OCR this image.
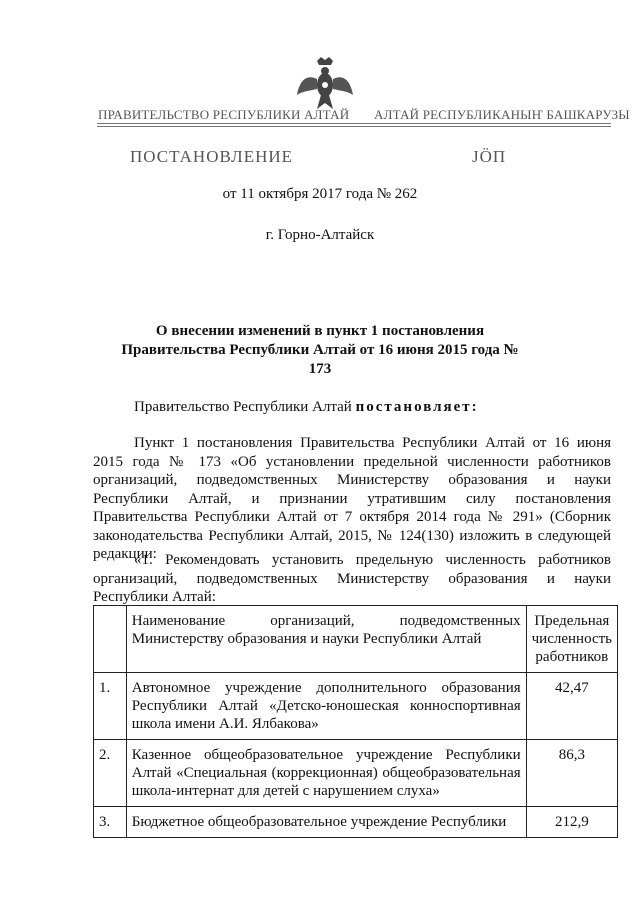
ПРАВИТЕЛЬСТВО РЕСПУБЛИКИ АЛТАЙ АЛТАЙ РЕСПУБЛИКАНЫҤ БАШКАРУЗЫ
ПОСТАНОВЛЕНИЕ	JÖП
от 11 октября 2017 года № 262
г. Горно-Алтайск
О внесении изменений в пункт 1 постановления Правительства Республики Алтай от 16 июня 2015 года № 173
Правительство Республики Алтай постановляет:
Пункт 1 постановления Правительства Республики Алтай от 16 июня 2015 года № 173 «Об установлении предельной численности работников организаций, подведомственных Министерству образования и науки Республики Алтай, и признании утратившим силу постановления Правительства Республики Алтай от 7 октября 2014 года № 291» (Сборник законодательства Республики Алтай, 2015, № 124(130) изложить в следующей редакции:
«1. Рекомендовать установить предельную численность работников организаций, подведомственных Министерству образования и науки Республики Алтай:
	Наименование организаций, подведомственных Министерству образования и науки Республики Алтай	Предельная численность работников
1.	Автономное учреждение дополнительного образования Республики Алтай «Детско-юношеская конноспортивная школа имени А.И. Ялбакова»	42,47
2.	Казенное общеобразовательное учреждение Республики Алтай «Специальная (коррекционная) общеобразовательная школа-интернат для детей с нарушением слуха»	86,3
3.	Бюджетное общеобразовательное учреждение Республики	212,9
